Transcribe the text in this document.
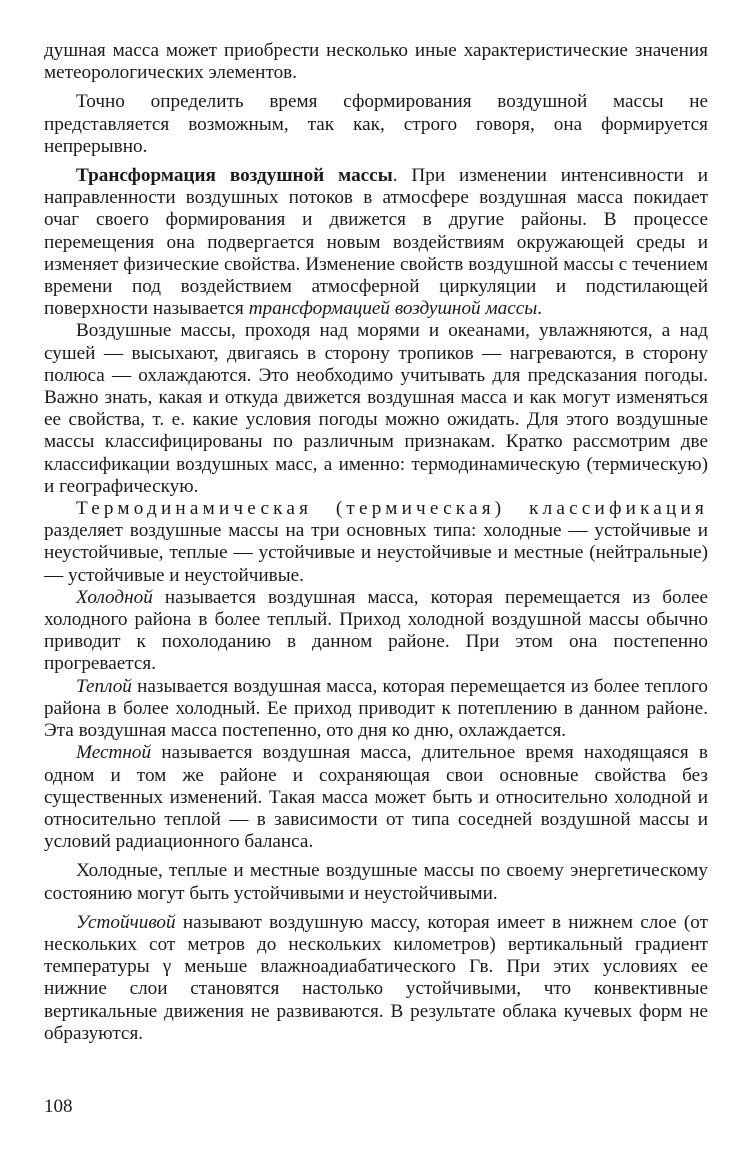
душная масса может приобрести несколько иные характеристические значения метеорологических элементов.

Точно определить время сформирования воздушной массы не представляется возможным, так как, строго говоря, она формируется непрерывно.

Трансформация воздушной массы. При изменении интенсивности и направленности воздушных потоков в атмосфере воздушная масса покидает очаг своего формирования и движется в другие районы. В процессе перемещения она подвергается новым воздействиям окружающей среды и изменяет физические свойства. Изменение свойств воздушной массы с течением времени под воздействием атмосферной циркуляции и подстилающей поверхности называется трансформацией воздушной массы.

Воздушные массы, проходя над морями и океанами, увлажняются, а над сушей — высыхают, двигаясь в сторону тропиков — нагреваются, в сторону полюса — охлаждаются. Это необходимо учитывать для предсказания погоды. Важно знать, какая и откуда движется воздушная масса и как могут изменяться ее свойства, т. е. какие условия погоды можно ожидать. Для этого воздушные массы классифицированы по различным признакам. Кратко рассмотрим две классификации воздушных масс, а именно: термодинамическую (термическую) и географическую.

Термодинамическая (термическая) классификация разделяет воздушные массы на три основных типа: холодные — устойчивые и неустойчивые, теплые — устойчивые и неустойчивые и местные (нейтральные) — устойчивые и неустойчивые.

Холодной называется воздушная масса, которая перемещается из более холодного района в более теплый. Приход холодной воздушной массы обычно приводит к похолоданию в данном районе. При этом она постепенно прогревается.

Теплой называется воздушная масса, которая перемещается из более теплого района в более холодный. Ее приход приводит к потеплению в данном районе. Эта воздушная масса постепенно, ото дня ко дню, охлаждается.

Местной называется воздушная масса, длительное время находящаяся в одном и том же районе и сохраняющая свои основные свойства без существенных изменений. Такая масса может быть и относительно холодной и относительно теплой — в зависимости от типа соседней воздушной массы и условий радиационного баланса.

Холодные, теплые и местные воздушные массы по своему энергетическому состоянию могут быть устойчивыми и неустойчивыми.

Устойчивой называют воздушную массу, которая имеет в нижнем слое (от нескольких сот метров до нескольких километров) вертикальный градиент температуры γ меньше влажноадиабатического Гв. При этих условиях ее нижние слои становятся настолько устойчивыми, что конвективные вертикальные движения не развиваются. В результате облака кучевых форм не образуются.

108
